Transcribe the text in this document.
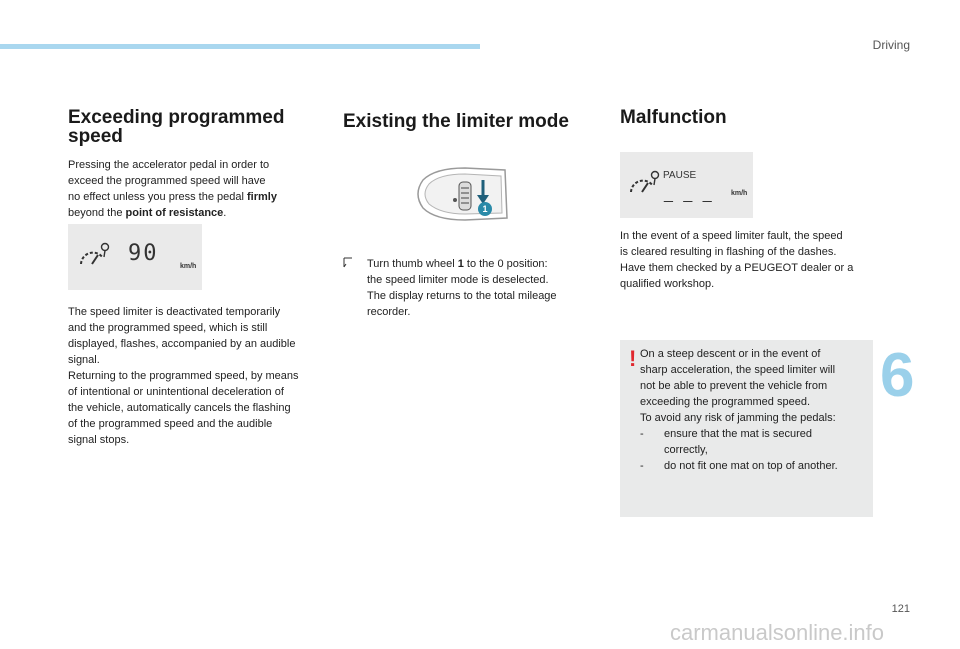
Driving
6
Exceeding programmed speed
Pressing the accelerator pedal in order to
exceed the programmed speed will have
no effect unless you press the pedal firmly
beyond the point of resistance.
90
km/h
The speed limiter is deactivated temporarily
and the programmed speed, which is still
displayed, flashes, accompanied by an audible
signal.
Returning to the programmed speed, by means
of intentional or unintentional deceleration of
the vehicle, automatically cancels the flashing
of the programmed speed and the audible
signal stops.
Existing the limiter mode
1
Turn thumb wheel 1 to the 0 position:
the speed limiter mode is deselected.
The display returns to the total mileage
recorder.
Malfunction
PAUSE
_ _ _ km/h
In the event of a speed limiter fault, the speed
is cleared resulting in flashing of the dashes.
Have them checked by a PEUGEOT dealer or a
qualified workshop.
! On a steep descent or in the event of
sharp acceleration, the speed limiter will
not be able to prevent the vehicle from
exceeding the programmed speed.
To avoid any risk of jamming the pedals:
- ensure that the mat is secured
correctly,
- do not fit one mat on top of another.
121
carmanualsonline.info
